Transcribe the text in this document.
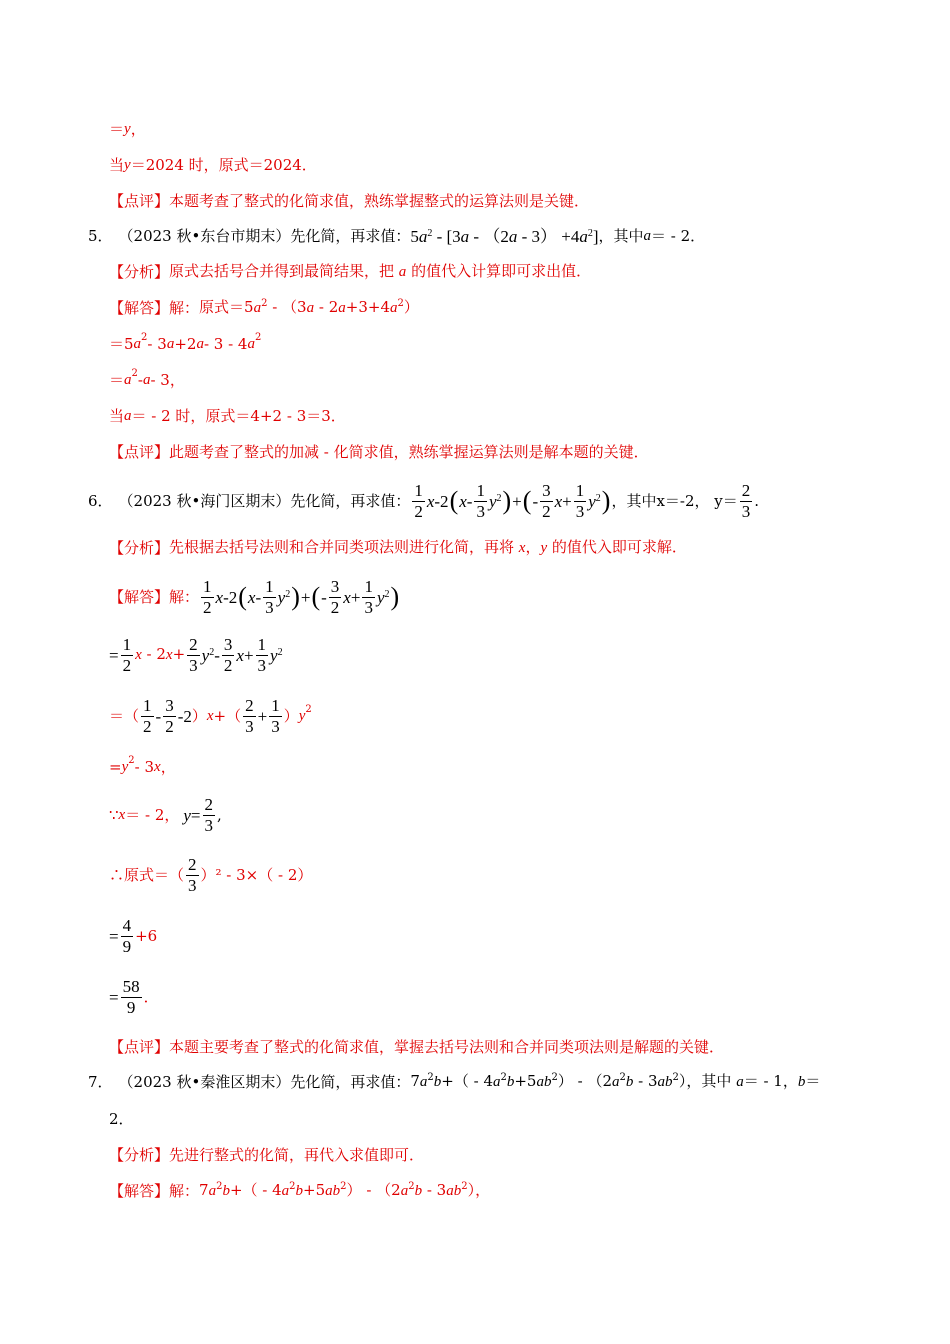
＝ y ，
当 y ＝2024 时，原式＝2024．
【点评】 本题考查了整式的化简求值，熟练掌握整式的运算法则是关键．
5． （2023 秋•东台市期末）先化简，再求值： $5a^2 - [3a - (2a - 3) +4a^2]$ ，其中 a ＝ - 2．
【分析】 原式去括号合并得到最简结果，把 a 的值代入计算即可求出值．
【解答】 解： 原式$=5a^2 - (3a - 2a+3+4a^2)$
＝5 $a^2 - 3$ a +2 a - 3 - 4 $a^2$
＝ $a^2$ - a - 3，
当 a ＝ - 2 时，原式＝4+2 - 3＝3．
【点评】 此题考查了整式的加减 - 化简求值，熟练掌握运算法则是解本题的关键．
6． （2023 秋•海门区期末）先化简，再求值： $\frac{1}{2} x-2$ ( $x- \frac{1}{3} y^2$ ) + ( - $\frac{3}{2} x+ \frac{1}{3} y^2$ ) ，其中x＝-2， $y= \frac{2}{3}$ .
【分析】 先根据去括号法则和合并同类项法则进行化简，再将 x，y 的值代入即可求解．
【解答】 解： $\frac{1}{2} x-2$ ( $x- \frac{1}{3} y^2$ ) + ( - $\frac{3}{2} x+ \frac{1}{3} y^2$ )
= $\frac{1}{2}$ $x - 2x+ \frac{2}{3} y^2- \frac{3}{2} x+ \frac{1}{3} y^2$
＝（ $\frac{1}{2} - \frac{3}{2} -2$ ） x +（ $\frac{2}{3} + \frac{1}{3}$ ） $y^2$
= $y^2 - 3$ x ，
∵ x ＝ - 2， $y= \frac{2}{3}$ ,
∴原式＝（ $\frac{2}{3} )^2 - 3\times( - 2)$
= $\frac{4}{9} +6$
= $\frac{58}{9}$ ．
【点评】 本题主要考查了整式的化简求值，掌握去括号法则和合并同类项法则是解题的关键．
7． （2023 秋•秦淮区期末）先化简，再求值： $7a^2b+( - 4a^2b+5ab^2) - (2a^2b - 3ab^2)$，其中 a＝ - 1，b＝
2．
【分析】 先进行整式的化简，再代入求值即可．
【解答】 解： $7a^2b+( - 4a^2b+5ab^2) - (2a^2b - 3ab^2)$，
